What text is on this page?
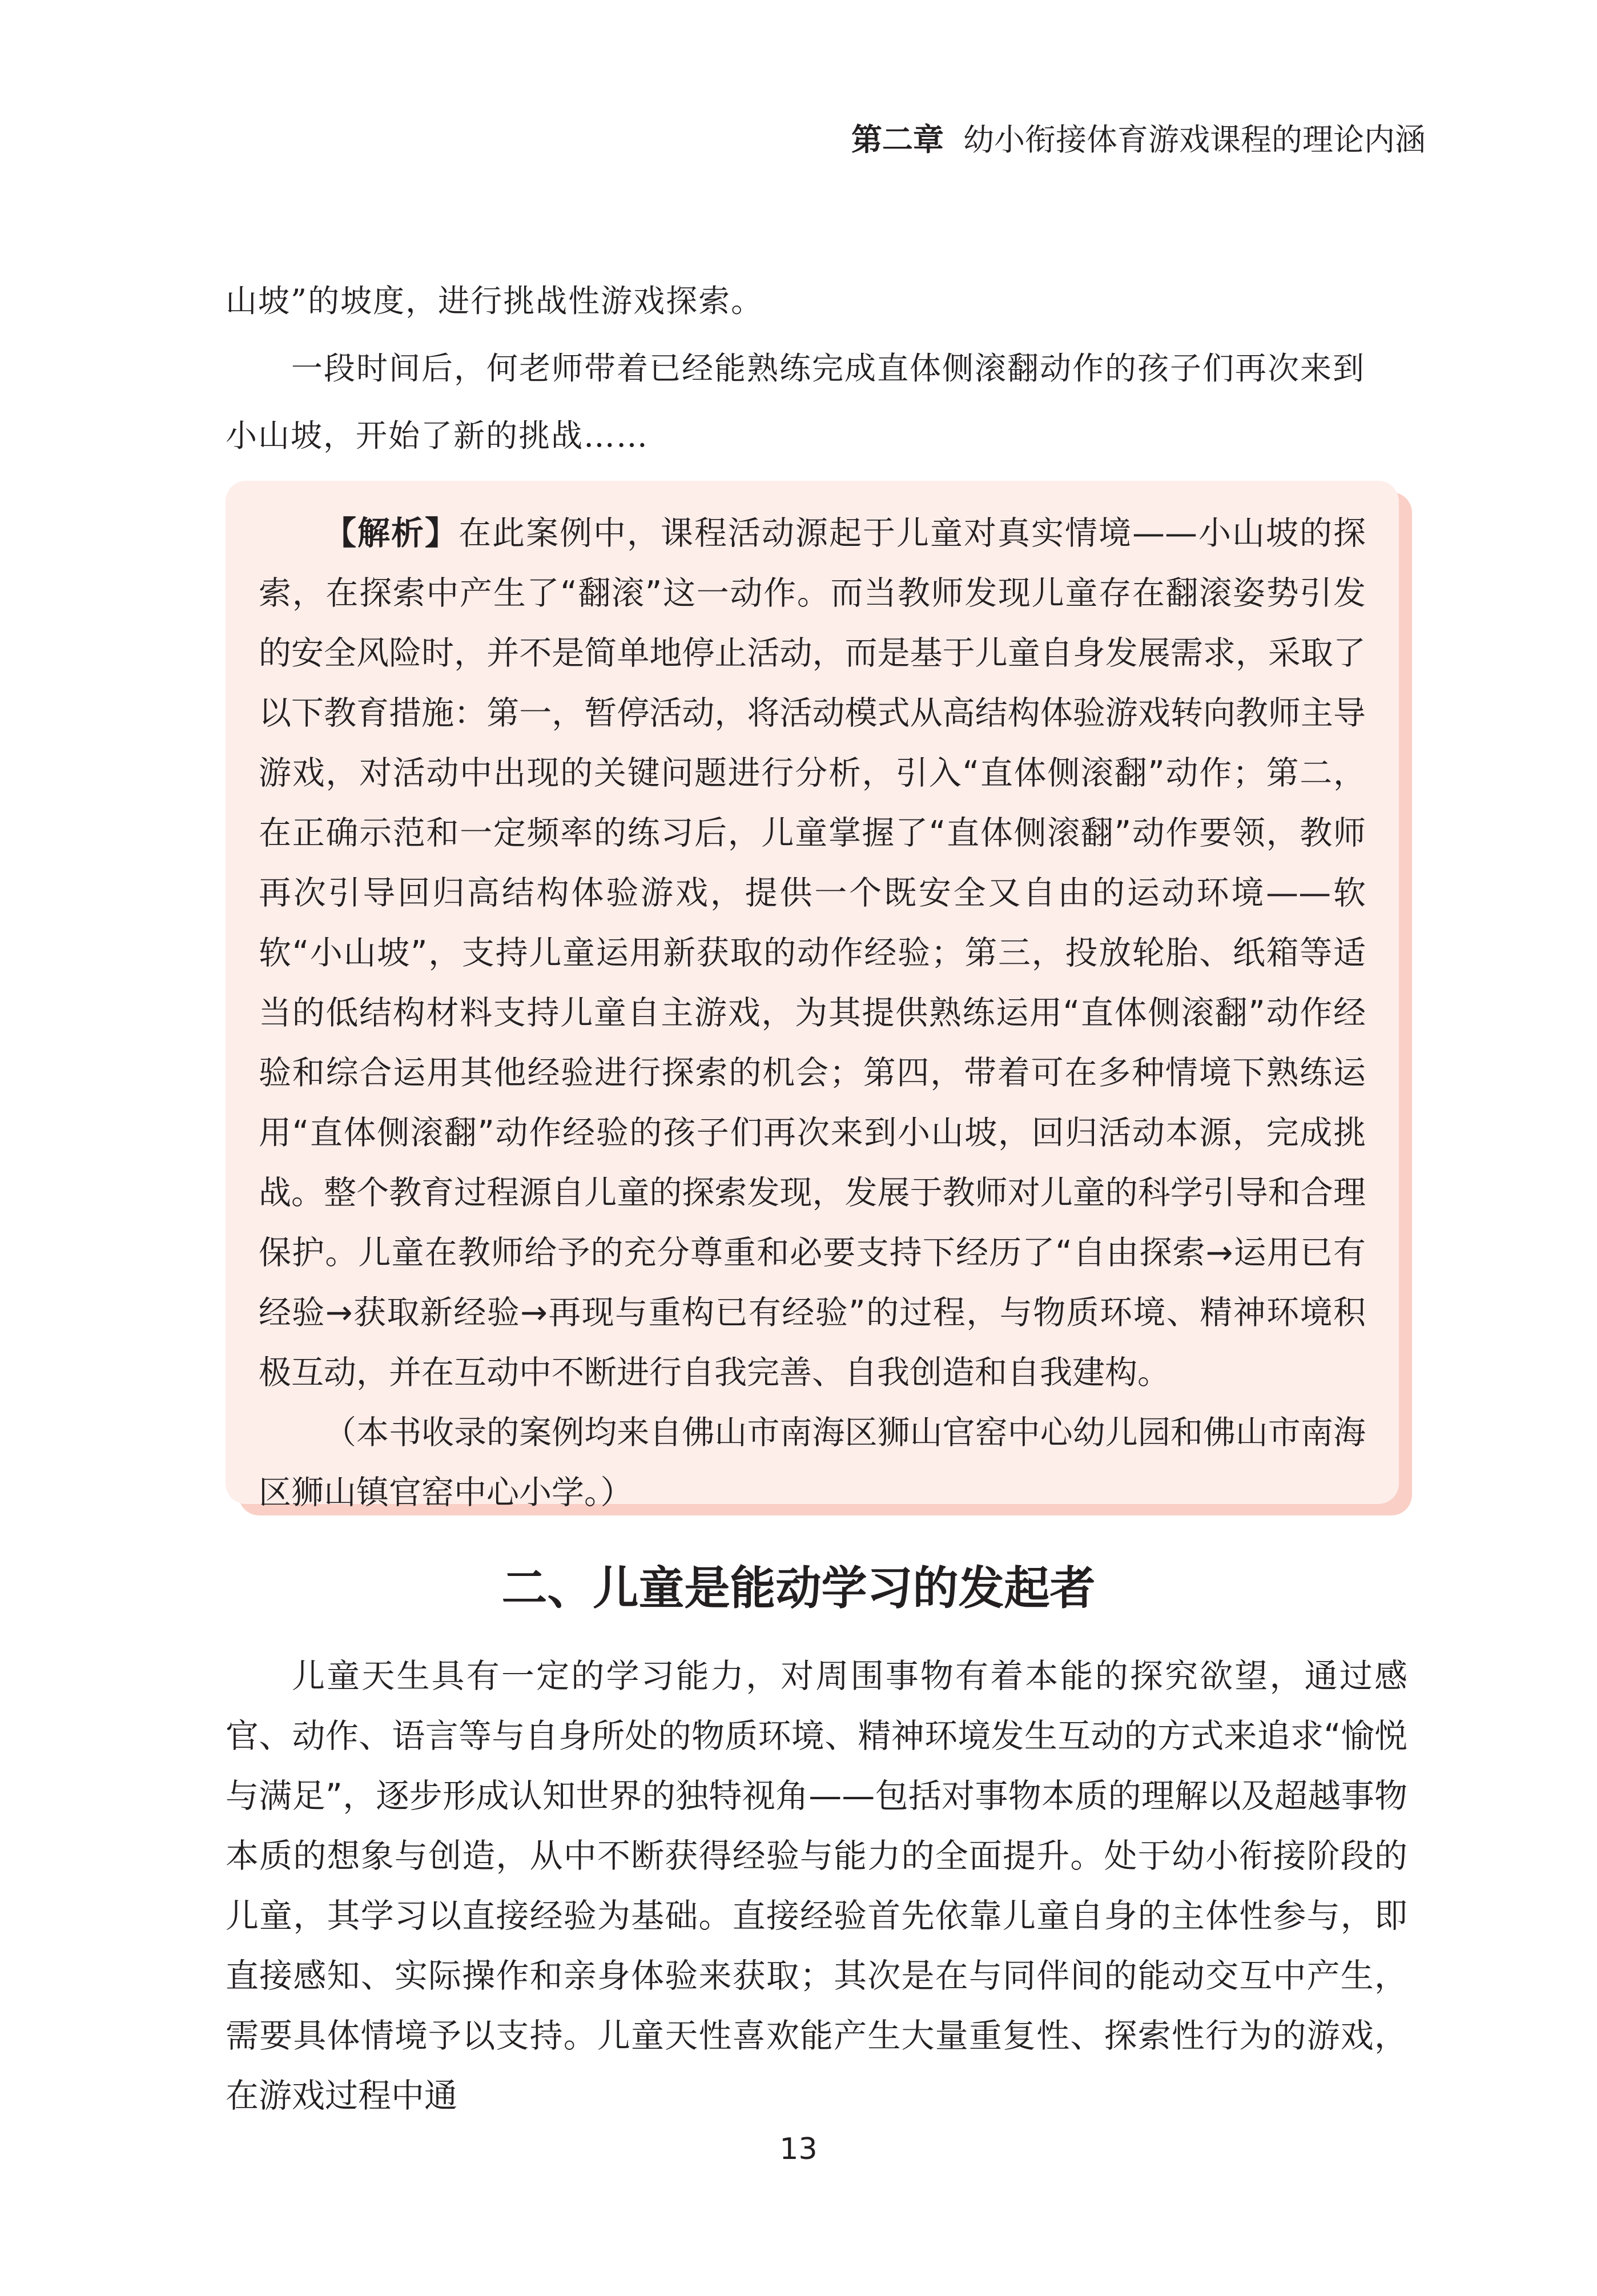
第二章 幼小衔接体育游戏课程的理论内涵

山坡”的坡度，进行挑战性游戏探索。

一段时间后，何老师带着已经能熟练完成直体侧滚翻动作的孩子们再次来到小山坡，开始了新的挑战……

【解析】在此案例中，课程活动源起于儿童对真实情境——小山坡的探索，在探索中产生了“翻滚”这一动作。而当教师发现儿童存在翻滚姿势引发的安全风险时，并不是简单地停止活动，而是基于儿童自身发展需求，采取了以下教育措施：第一，暂停活动，将活动模式从高结构体验游戏转向教师主导游戏，对活动中出现的关键问题进行分析，引入“直体侧滚翻”动作；第二，在正确示范和一定频率的练习后，儿童掌握了“直体侧滚翻”动作要领，教师再次引导回归高结构体验游戏，提供一个既安全又自由的运动环境——软软“小山坡”，支持儿童运用新获取的动作经验；第三，投放轮胎、纸箱等适当的低结构材料支持儿童自主游戏，为其提供熟练运用“直体侧滚翻”动作经验和综合运用其他经验进行探索的机会；第四，带着可在多种情境下熟练运用“直体侧滚翻”动作经验的孩子们再次来到小山坡，回归活动本源，完成挑战。整个教育过程源自儿童的探索发现，发展于教师对儿童的科学引导和合理保护。儿童在教师给予的充分尊重和必要支持下经历了“自由探索→运用已有经验→获取新经验→再现与重构已有经验”的过程，与物质环境、精神环境积极互动，并在互动中不断进行自我完善、自我创造和自我建构。

（本书收录的案例均来自佛山市南海区狮山官窑中心幼儿园和佛山市南海区狮山镇官窑中心小学。）

二、儿童是能动学习的发起者

儿童天生具有一定的学习能力，对周围事物有着本能的探究欲望，通过感官、动作、语言等与自身所处的物质环境、精神环境发生互动的方式来追求“愉悦与满足”，逐步形成认知世界的独特视角——包括对事物本质的理解以及超越事物本质的想象与创造，从中不断获得经验与能力的全面提升。处于幼小衔接阶段的儿童，其学习以直接经验为基础。直接经验首先依靠儿童自身的主体性参与，即直接感知、实际操作和亲身体验来获取；其次是在与同伴间的能动交互中产生，需要具体情境予以支持。儿童天性喜欢能产生大量重复性、探索性行为的游戏，在游戏过程中通

13
